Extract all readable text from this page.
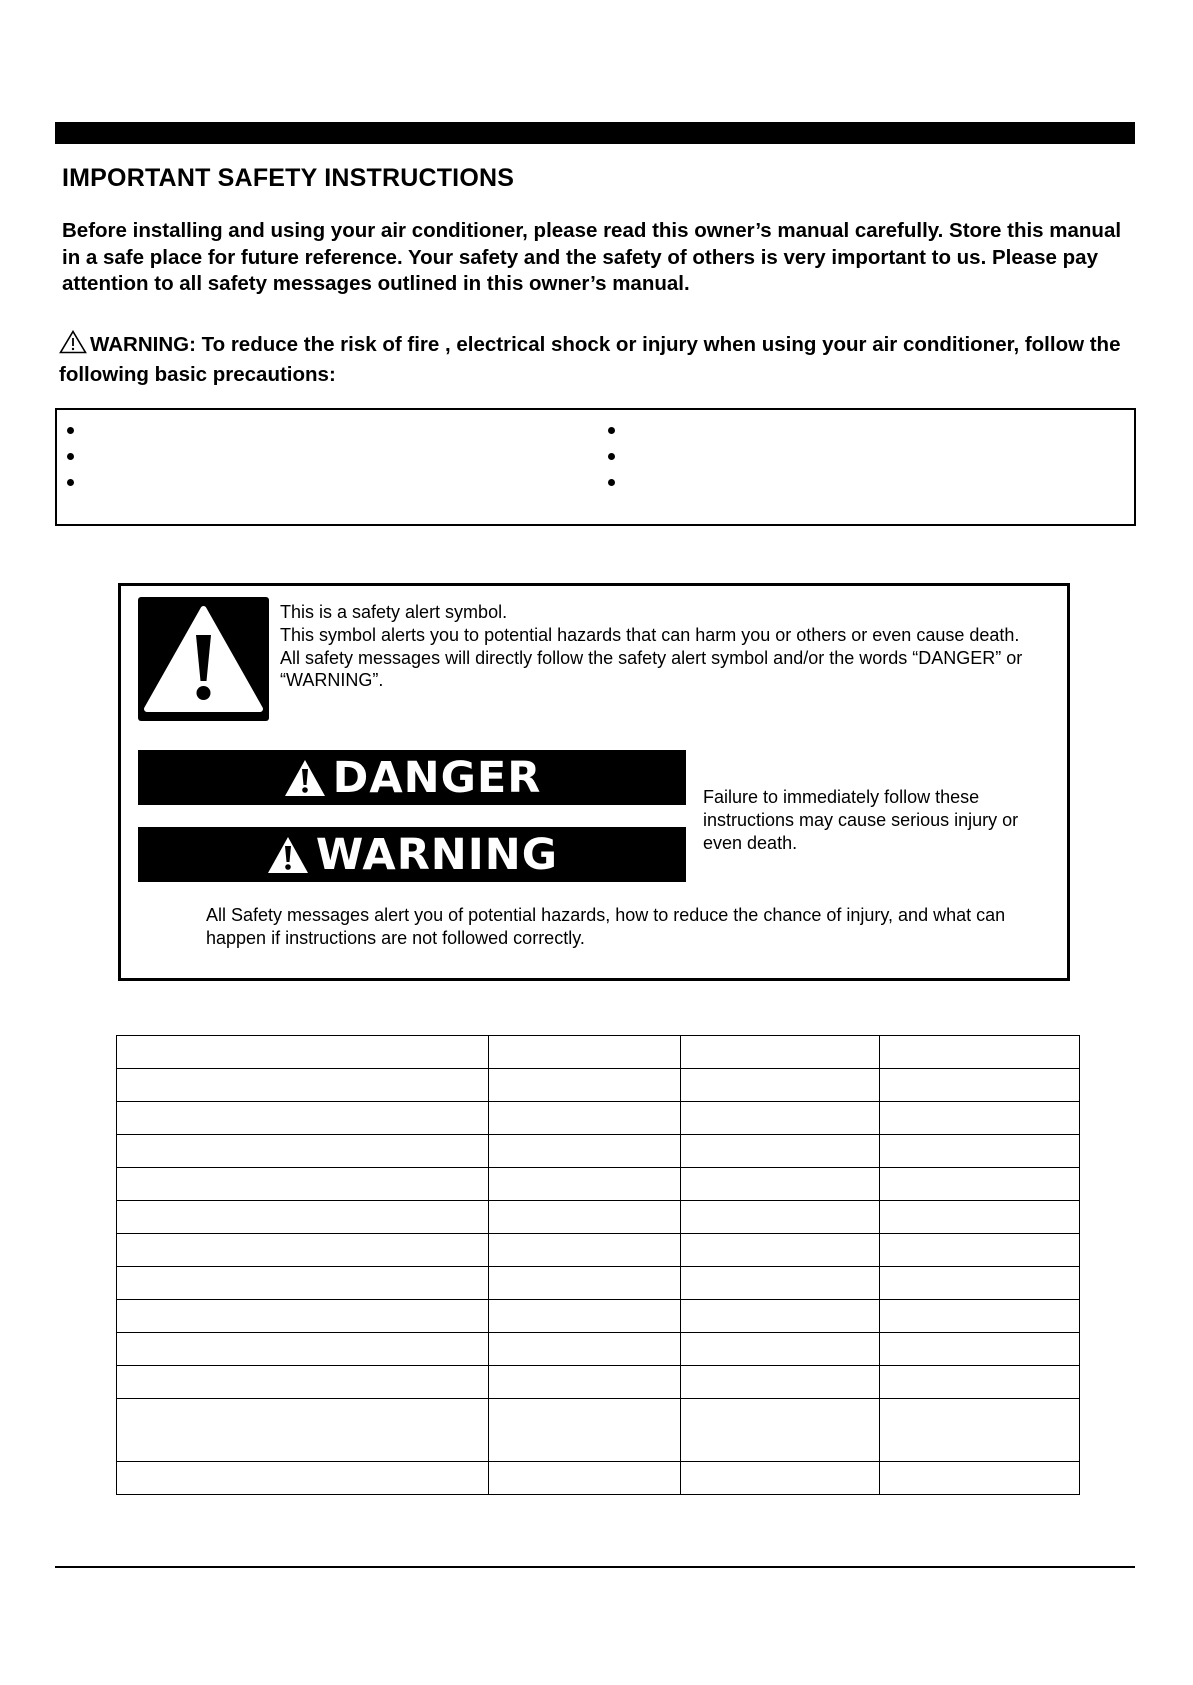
IMPORTANT SAFETY INSTRUCTIONS

Before installing and using your air conditioner, please read this owner’s manual carefully. Store this manual in a safe place for future reference. Your safety and the safety of others is very important to us. Please pay attention to all safety messages outlined in this owner’s manual.

WARNING: To reduce the risk of fire , electrical shock or injury when using your air conditioner, follow the following basic precautions:

This is a safety alert symbol.
This symbol alerts you to potential hazards that can harm you or others or even cause death.
All safety messages will directly follow the safety alert symbol and/or the words “DANGER” or “WARNING”.

DANGER
WARNING

Failure to immediately follow these instructions may cause serious injury or even death.

All Safety messages alert you of potential hazards, how to reduce the chance of injury, and what can happen if instructions are not followed correctly.
